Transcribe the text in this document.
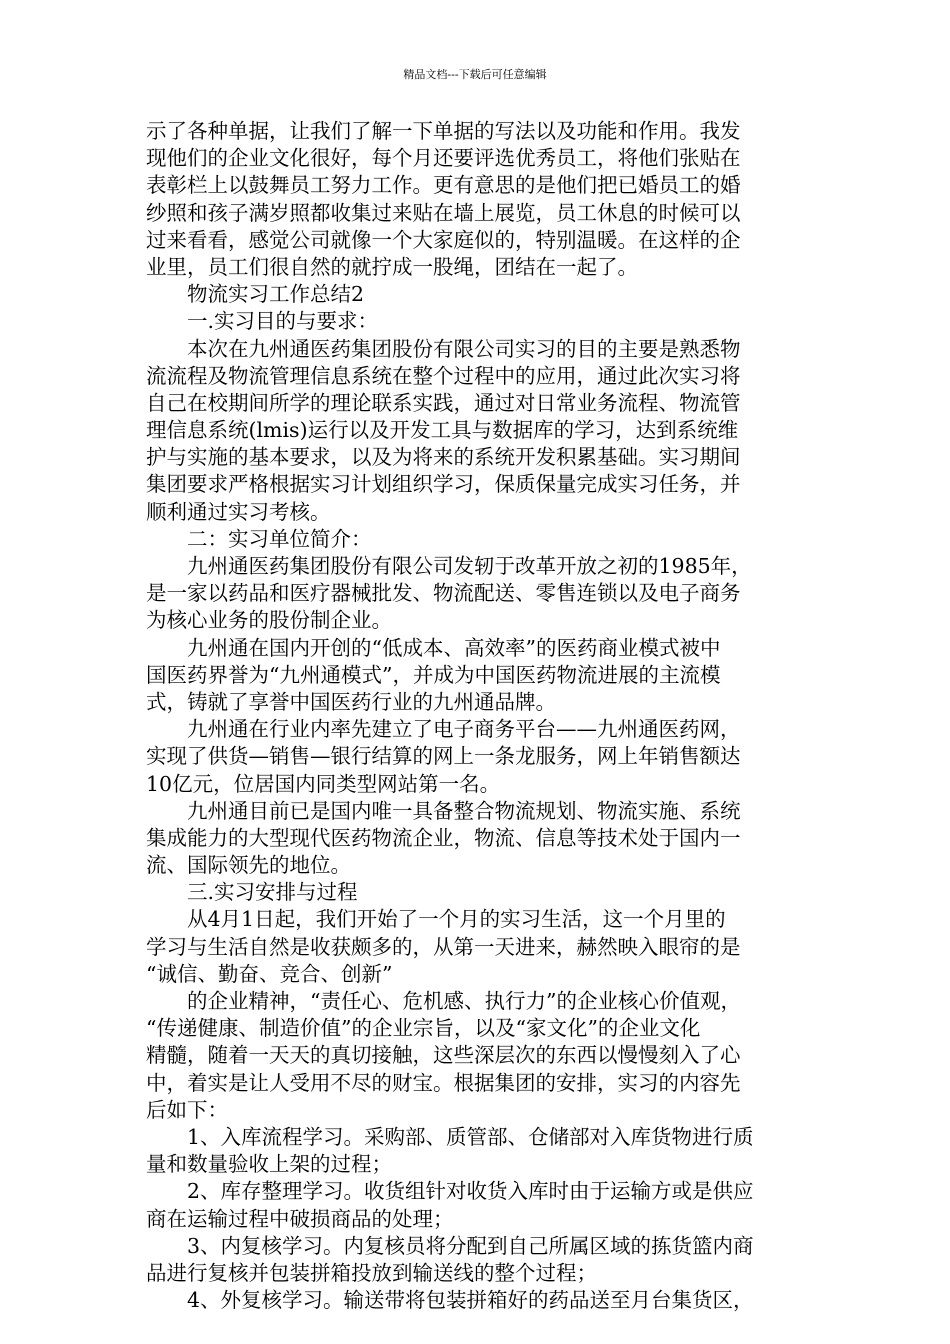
精品文档---下载后可任意编辑
示了各种单据，让我们了解一下单据的写法以及功能和作用。我发
现他们的企业文化很好，每个月还要评选优秀员工，将他们张贴在
表彰栏上以鼓舞员工努力工作。更有意思的是他们把已婚员工的婚
纱照和孩子满岁照都收集过来贴在墙上展览，员工休息的时候可以
过来看看，感觉公司就像一个大家庭似的，特别温暖。在这样的企
业里，员工们很自然的就拧成一股绳，团结在一起了。
物流实习工作总结2
一.实习目的与要求：
本次在九州通医药集团股份有限公司实习的目的主要是熟悉物
流流程及物流管理信息系统在整个过程中的应用，通过此次实习将
自己在校期间所学的理论联系实践，通过对日常业务流程、物流管
理信息系统(lmis)运行以及开发工具与数据库的学习，达到系统维
护与实施的基本要求，以及为将来的系统开发积累基础。实习期间
集团要求严格根据实习计划组织学习，保质保量完成实习任务，并
顺利通过实习考核。
二：实习单位简介：
九州通医药集团股份有限公司发轫于改革开放之初的1985年，
是一家以药品和医疗器械批发、物流配送、零售连锁以及电子商务
为核心业务的股份制企业。
九州通在国内开创的“低成本、高效率”的医药商业模式被中
国医药界誉为“九州通模式”，并成为中国医药物流进展的主流模
式，铸就了享誉中国医药行业的九州通品牌。
九州通在行业内率先建立了电子商务平台——九州通医药网，
实现了供货—销售—银行结算的网上一条龙服务，网上年销售额达
10亿元，位居国内同类型网站第一名。
九州通目前已是国内唯一具备整合物流规划、物流实施、系统
集成能力的大型现代医药物流企业，物流、信息等技术处于国内一
流、国际领先的地位。
三.实习安排与过程
从4月1日起，我们开始了一个月的实习生活，这一个月里的
学习与生活自然是收获颇多的，从第一天进来，赫然映入眼帘的是
“诚信、勤奋、竞合、创新”
的企业精神，“责任心、危机感、执行力”的企业核心价值观，
“传递健康、制造价值”的企业宗旨，以及“家文化”的企业文化
精髓，随着一天天的真切接触，这些深层次的东西以慢慢刻入了心
中，着实是让人受用不尽的财宝。根据集团的安排，实习的内容先
后如下：
1、入库流程学习。采购部、质管部、仓储部对入库货物进行质
量和数量验收上架的过程；
2、库存整理学习。收货组针对收货入库时由于运输方或是供应
商在运输过程中破损商品的处理；
3、内复核学习。内复核员将分配到自己所属区域的拣货篮内商
品进行复核并包装拼箱投放到输送线的整个过程；
4、外复核学习。输送带将包装拼箱好的药品送至月台集货区，
